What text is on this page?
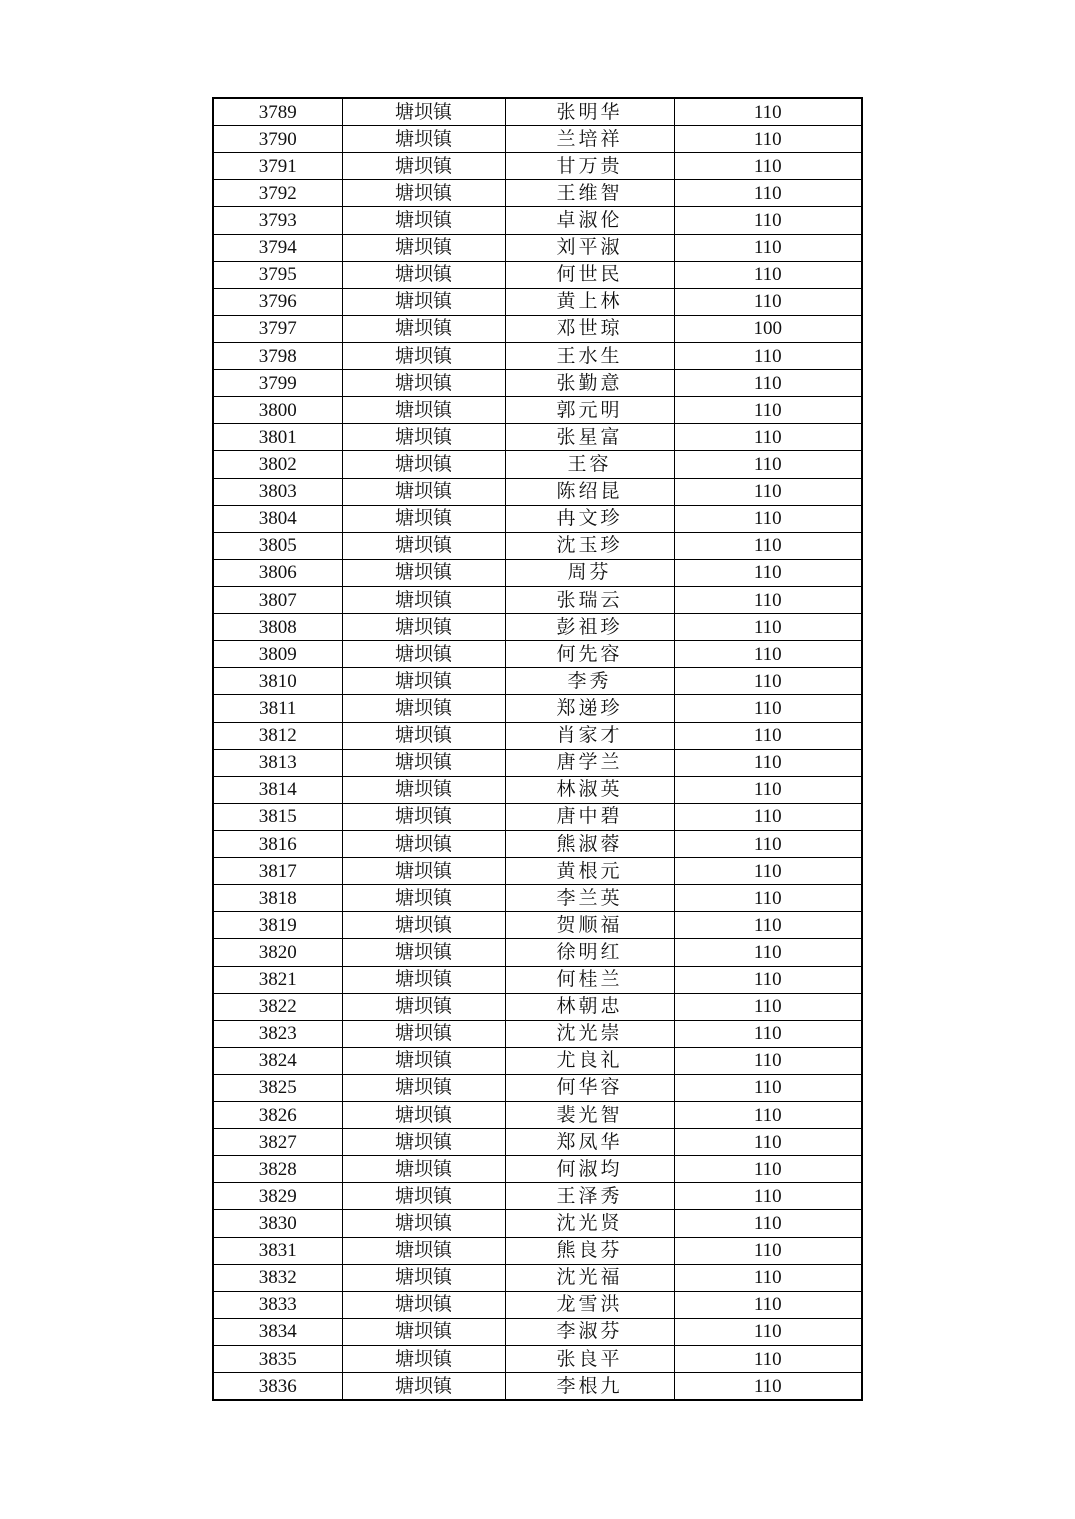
3789	塘坝镇	张明华	110
3790	塘坝镇	兰培祥	110
3791	塘坝镇	甘万贵	110
3792	塘坝镇	王维智	110
3793	塘坝镇	卓淑伦	110
3794	塘坝镇	刘平淑	110
3795	塘坝镇	何世民	110
3796	塘坝镇	黄上林	110
3797	塘坝镇	邓世琼	100
3798	塘坝镇	王水生	110
3799	塘坝镇	张勤意	110
3800	塘坝镇	郭元明	110
3801	塘坝镇	张星富	110
3802	塘坝镇	王容	110
3803	塘坝镇	陈绍昆	110
3804	塘坝镇	冉文珍	110
3805	塘坝镇	沈玉珍	110
3806	塘坝镇	周芬	110
3807	塘坝镇	张瑞云	110
3808	塘坝镇	彭祖珍	110
3809	塘坝镇	何先容	110
3810	塘坝镇	李秀	110
3811	塘坝镇	郑递珍	110
3812	塘坝镇	肖家才	110
3813	塘坝镇	唐学兰	110
3814	塘坝镇	林淑英	110
3815	塘坝镇	唐中碧	110
3816	塘坝镇	熊淑蓉	110
3817	塘坝镇	黄根元	110
3818	塘坝镇	李兰英	110
3819	塘坝镇	贺顺福	110
3820	塘坝镇	徐明红	110
3821	塘坝镇	何桂兰	110
3822	塘坝镇	林朝忠	110
3823	塘坝镇	沈光崇	110
3824	塘坝镇	尤良礼	110
3825	塘坝镇	何华容	110
3826	塘坝镇	裴光智	110
3827	塘坝镇	郑凤华	110
3828	塘坝镇	何淑均	110
3829	塘坝镇	王泽秀	110
3830	塘坝镇	沈光贤	110
3831	塘坝镇	熊良芬	110
3832	塘坝镇	沈光福	110
3833	塘坝镇	龙雪洪	110
3834	塘坝镇	李淑芬	110
3835	塘坝镇	张良平	110
3836	塘坝镇	李根九	110
